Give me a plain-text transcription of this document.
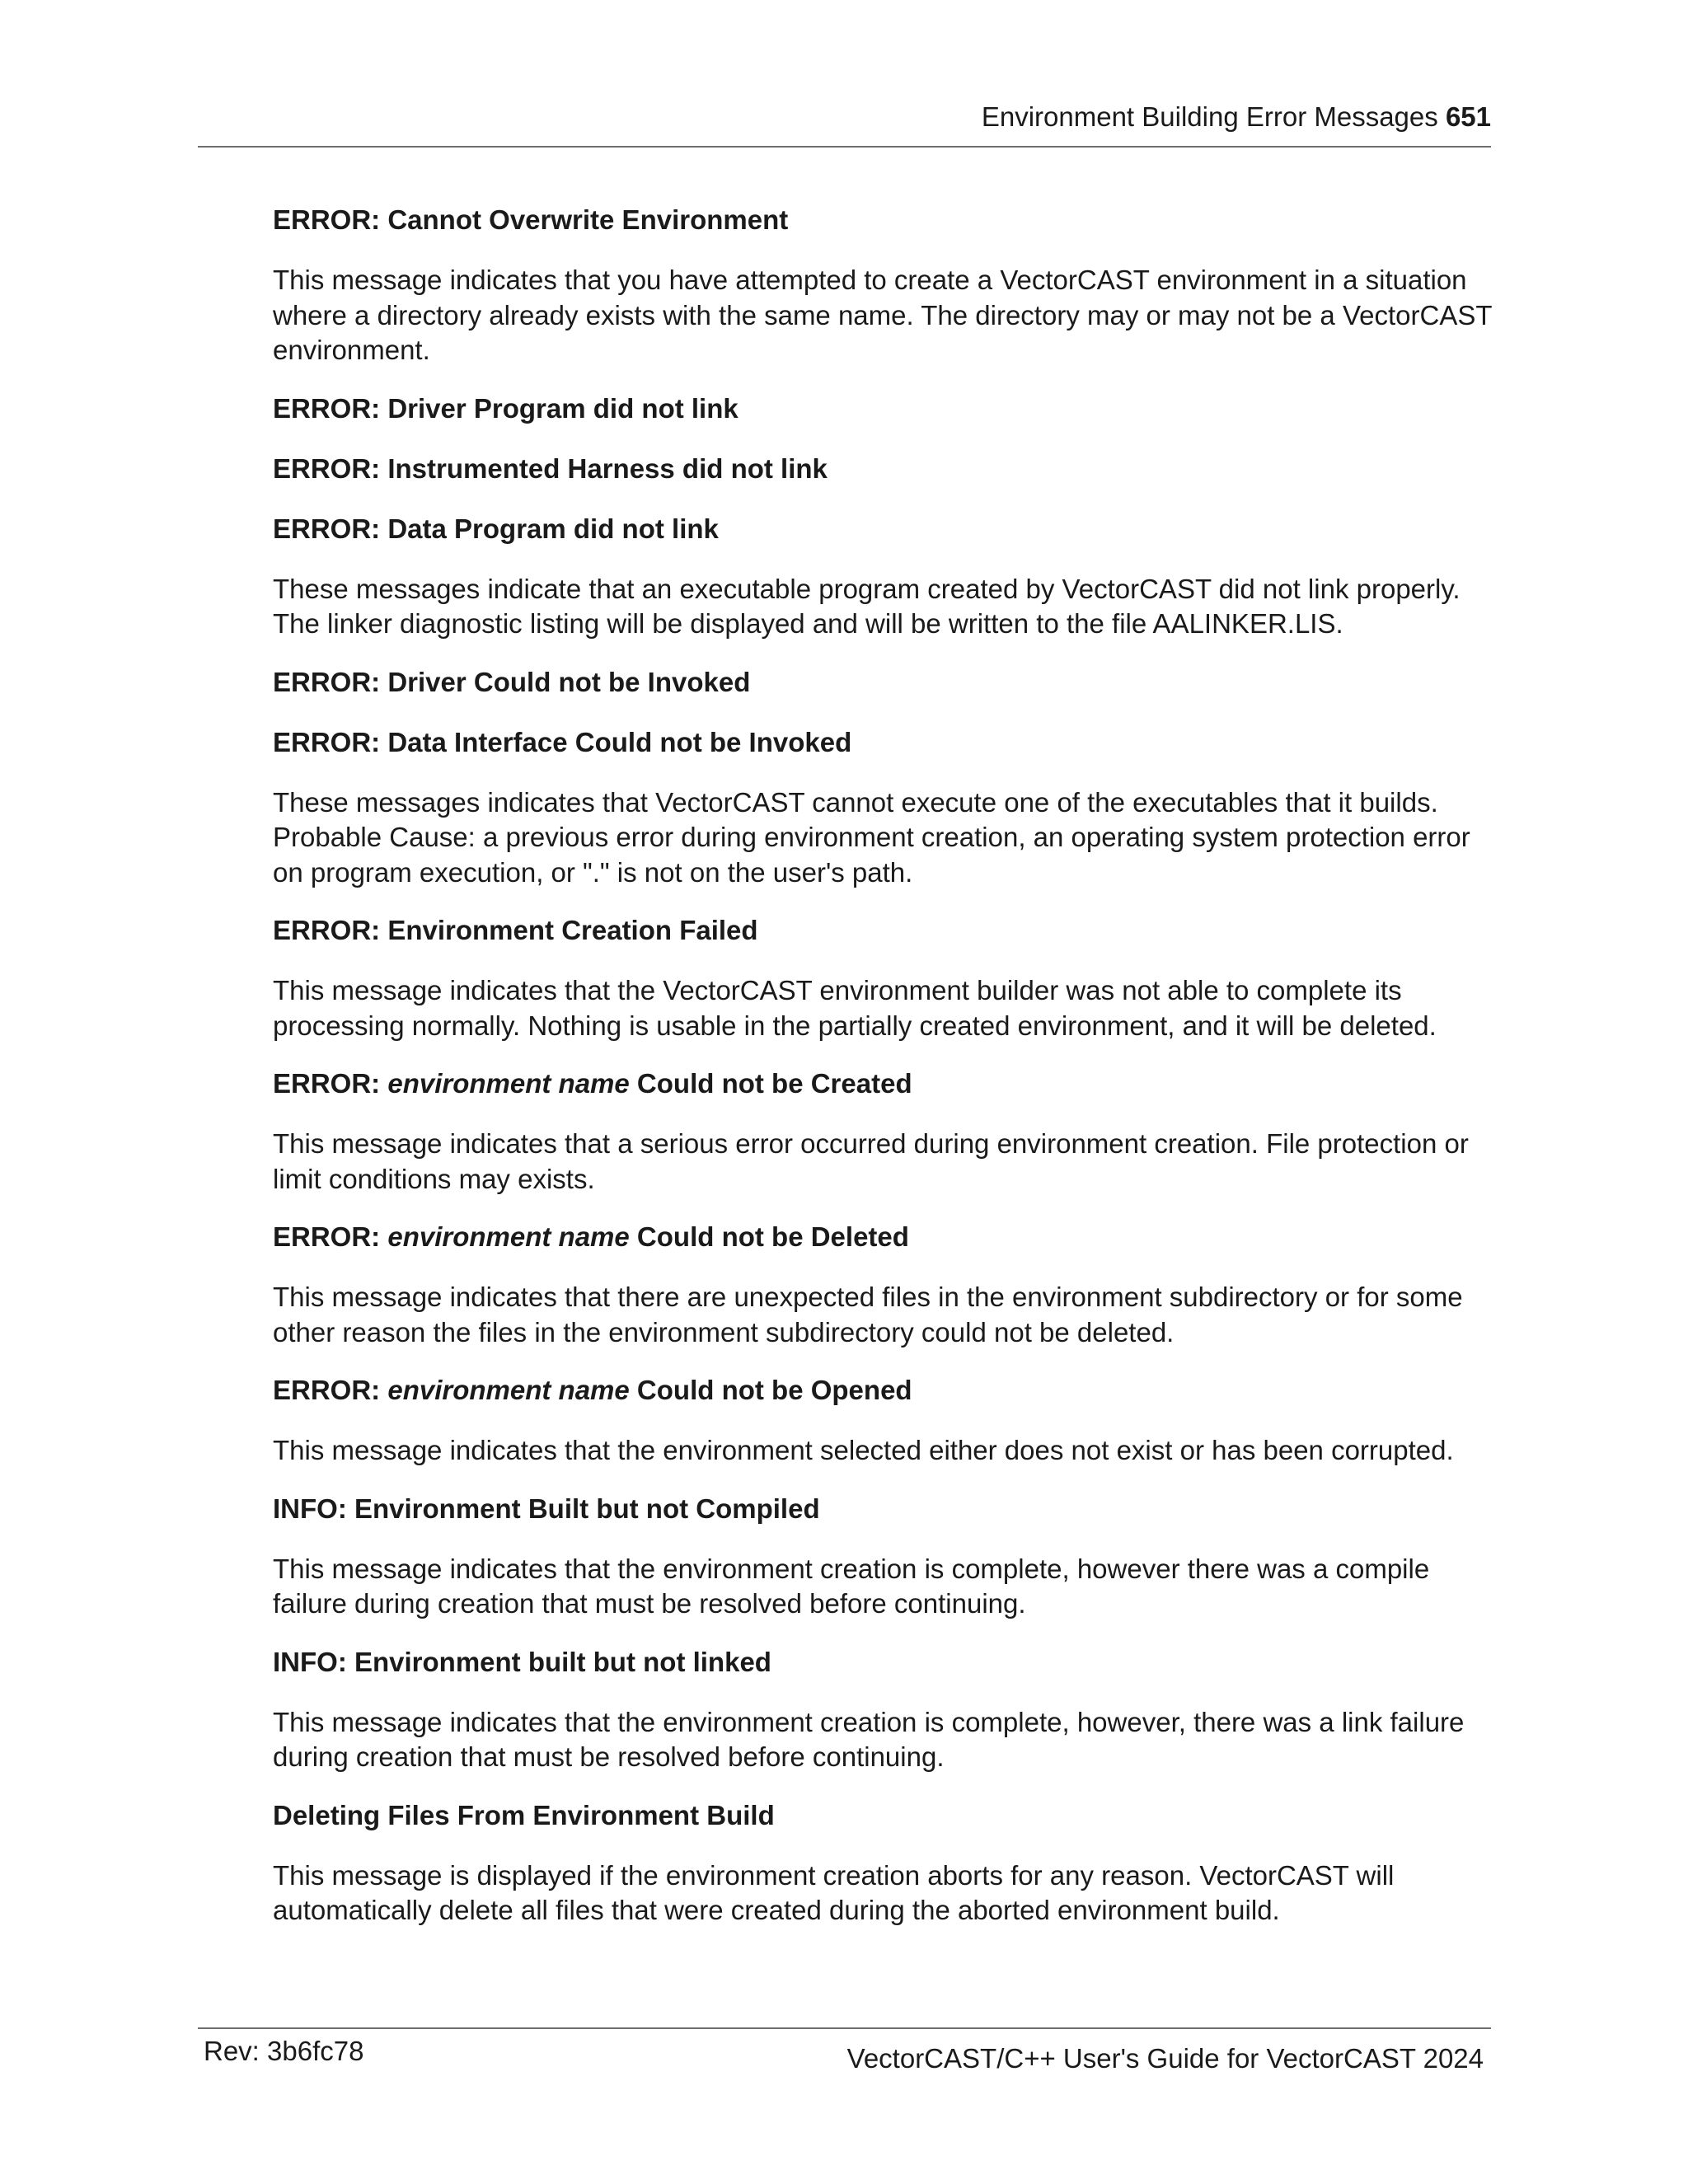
Environment Building Error Messages 651
ERROR: Cannot Overwrite Environment
This message indicates that you have attempted to create a VectorCAST environment in a situation where a directory already exists with the same name. The directory may or may not be a VectorCAST environment.
ERROR: Driver Program did not link
ERROR: Instrumented Harness did not link
ERROR: Data Program did not link
These messages indicate that an executable program created by VectorCAST did not link properly. The linker diagnostic listing will be displayed and will be written to the file AALINKER.LIS.
ERROR: Driver Could not be Invoked
ERROR: Data Interface Could not be Invoked
These messages indicates that VectorCAST cannot execute one of the executables that it builds. Probable Cause: a previous error during environment creation, an operating system protection error on program execution, or "." is not on the user's path.
ERROR: Environment Creation Failed
This message indicates that the VectorCAST environment builder was not able to complete its processing normally. Nothing is usable in the partially created environment, and it will be deleted.
ERROR: environment name Could not be Created
This message indicates that a serious error occurred during environment creation. File protection or limit conditions may exists.
ERROR: environment name Could not be Deleted
This message indicates that there are unexpected files in the environment subdirectory or for some other reason the files in the environment subdirectory could not be deleted.
ERROR: environment name Could not be Opened
This message indicates that the environment selected either does not exist or has been corrupted.
INFO: Environment Built but not Compiled
This message indicates that the environment creation is complete, however there was a compile failure during creation that must be resolved before continuing.
INFO: Environment built but not linked
This message indicates that the environment creation is complete, however, there was a link failure during creation that must be resolved before continuing.
Deleting Files From Environment Build
This message is displayed if the environment creation aborts for any reason. VectorCAST will automatically delete all files that were created during the aborted environment build.
Rev: 3b6fc78	VectorCAST/C++ User's Guide for VectorCAST 2024
